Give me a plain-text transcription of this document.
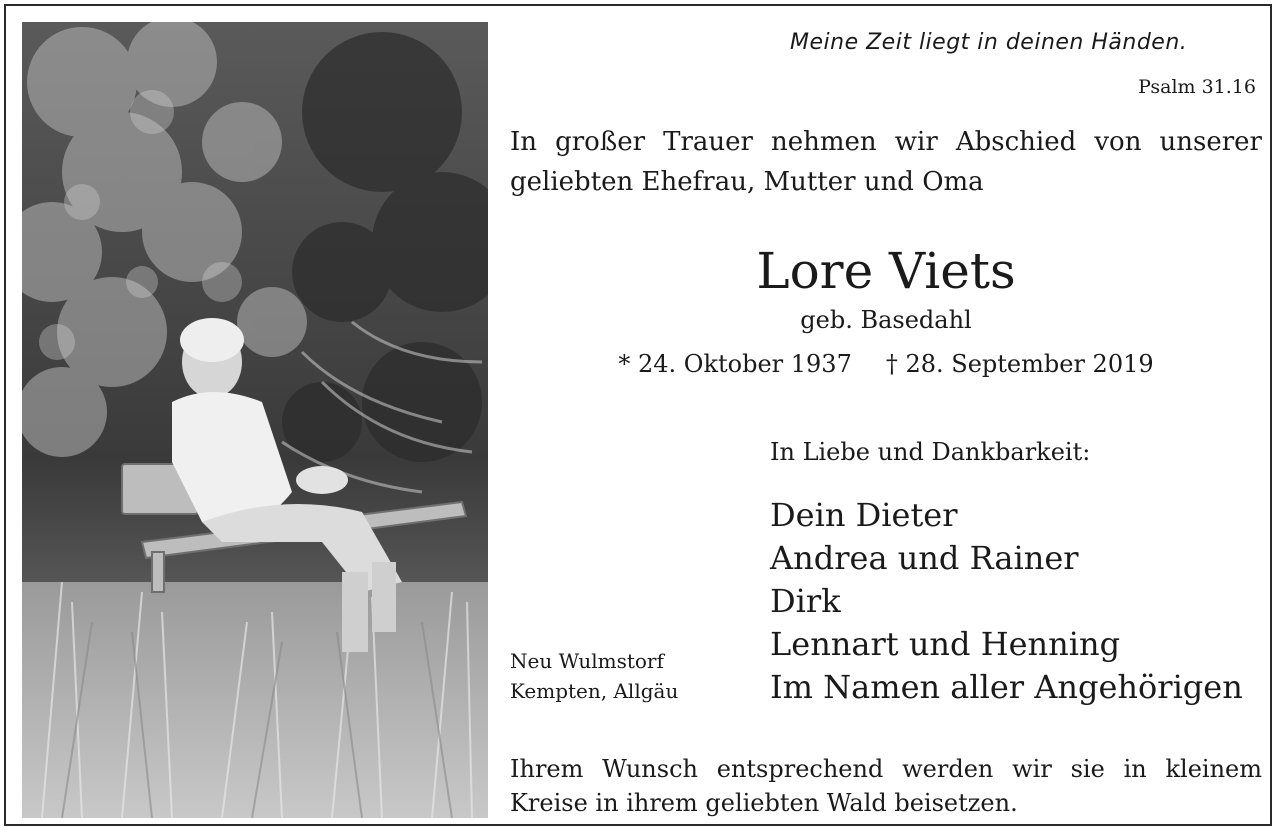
Meine Zeit liegt in deinen Händen.
Psalm 31.16
In großer Trauer nehmen wir Abschied von unserer geliebten Ehefrau, Mutter und Oma
Lore Viets
geb. Basedahl
* 24. Oktober 1937 † 28. September 2019
In Liebe und Dankbarkeit:
Dein Dieter
Andrea und Rainer
Dirk
Lennart und Henning
Im Namen aller Angehörigen
Neu Wulmstorf
Kempten, Allgäu
Ihrem Wunsch entsprechend werden wir sie in kleinem Kreise in ihrem geliebten Wald beisetzen.
